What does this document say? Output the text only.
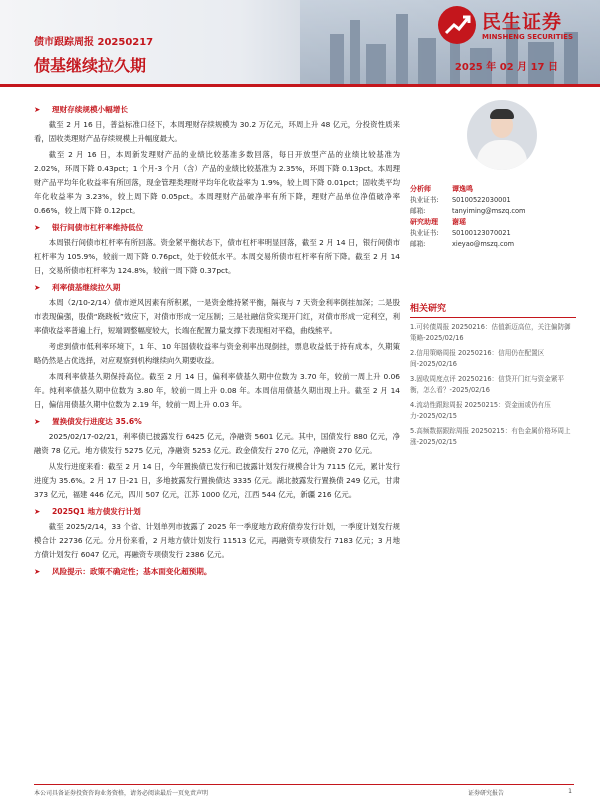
民生证券
MINSHENG SECURITIES
债市跟踪周报 20250217
债基继续拉久期	2025 年 02 月 17 日
➤ 理财存续规模小幅增长

截至 2 月 16 日，普益标准口径下，本周理财存续规模为 30.2 万亿元，环周上升 48 亿元，分投资性质来看，固收类理财产品存续规模上升幅度最大。

截至 2 月 16 日，本周新发理财产品的业绩比较基准多数回落，每日开放型产品的业绩比较基准为 2.02%，环周下降 0.43pct；1 个月-3 个月（含）产品的业绩比较基准为 2.35%，环周下降 0.13pct。本周理财产品平均年化收益率有所回落，现金管理类理财平均年化收益率为 1.9%，较上周下降 0.01pct；固收类平均年化收益率为 3.23%，较上周下降 0.05pct。本周理财产品破净率有所下降，理财产品单位净值破净率 0.66%，较上周下降 0.12pct。

➤ 银行间债市杠杆率维持低位

本周银行间债市杠杆率有所回落。资金紧平衡状态下，债市杠杆率明显回落，截至 2 月 14 日，银行间债市杠杆率为 105.9%，较前一周下降 0.76pct，处于较低水平。本周交易所债市杠杆率有所下降。截至 2 月 14 日，交易所债市杠杆率为 124.8%，较前一周下降 0.37pct。

➤ 利率债基继续拉久期

本周（2/10-2/14）债市逆风因素有所积累，一是资金维持紧平衡，隔夜与 7 天资金利率倒挂加深；二是股市表现偏强，股债“跷跷板”效应下，对债市形成一定压制；三是社融信贷实现开门红，对债市形成一定利空，利率债收益率普遍上行，短端调整幅度较大，长端在配置力量支撑下表现相对平稳，曲线熊平。

考虑到债市低利率环境下，1 年、10 年国债收益率与资金利率出现倒挂，票息收益低于持有成本，久期策略仍然是占优选择，对应观察到机构继续向久期要收益。

本周利率债基久期保持高位。截至 2 月 14 日，偏利率债基久期中位数为 3.70 年，较前一周上升 0.06 年。纯利率债基久期中位数为 3.80 年，较前一周上升 0.08 年。本周信用债基久期出现上升。截至 2 月 14 日，偏信用债基久期中位数为 2.19 年，较前一周上升 0.03 年。

➤ 置换债发行进度达 35.6%

2025/02/17-02/21，利率债已披露发行 6425 亿元，净融资 5601 亿元。其中，国债发行 880 亿元，净融资 78 亿元。地方债发行 5275 亿元，净融资 5253 亿元。政金债发行 270 亿元，净融资 270 亿元。

从发行进度来看：截至 2 月 14 日，今年置换债已发行和已披露计划发行规模合计为 7115 亿元，累计发行进度为 35.6%。2 月 17 日-21 日，多地披露发行置换债达 3335 亿元。湖北披露发行置换债 249 亿元，甘肃 373 亿元，福建 446 亿元，四川 507 亿元，江苏 1000 亿元，江西 544 亿元，新疆 216 亿元。

➤ 2025Q1 地方债发行计划

截至 2025/2/14，33 个省、计划单列市披露了 2025 年一季度地方政府债券发行计划，一季度计划发行规模合计 22736 亿元。分月份来看，2 月地方债计划发行 11513 亿元，再融资专项债发行 7183 亿元；3 月地方债计划发行 6047 亿元，再融资专项债发行 2386 亿元。

➤ 风险提示：政策不确定性；基本面变化超预期。
分析师	谭逸鸣
执业证书: S0100522030001
邮箱:	tanyiming@mszq.com
研究助理 谢瑶
执业证书: S0100123070021
邮箱:	xieyao@mszq.com
相关研究
1.可转债周报 20250216：估值新迈高位，关注偏防御策略-2025/02/16
2.信用策略周报 20250216：信用仍在配置区间-2025/02/16
3.固收周度点评 20250216：信贷开门红与资金紧平衡，怎么看？-2025/02/16
4.流动性跟踪周报 20250215：资金面或仍有压力-2025/02/15
5.高频数据跟踪周报 20250215：有色金属价格环周上涨-2025/02/15
本公司具备证券投资咨询业务资格，请务必阅读最后一页免责声明	证券研究报告	1
